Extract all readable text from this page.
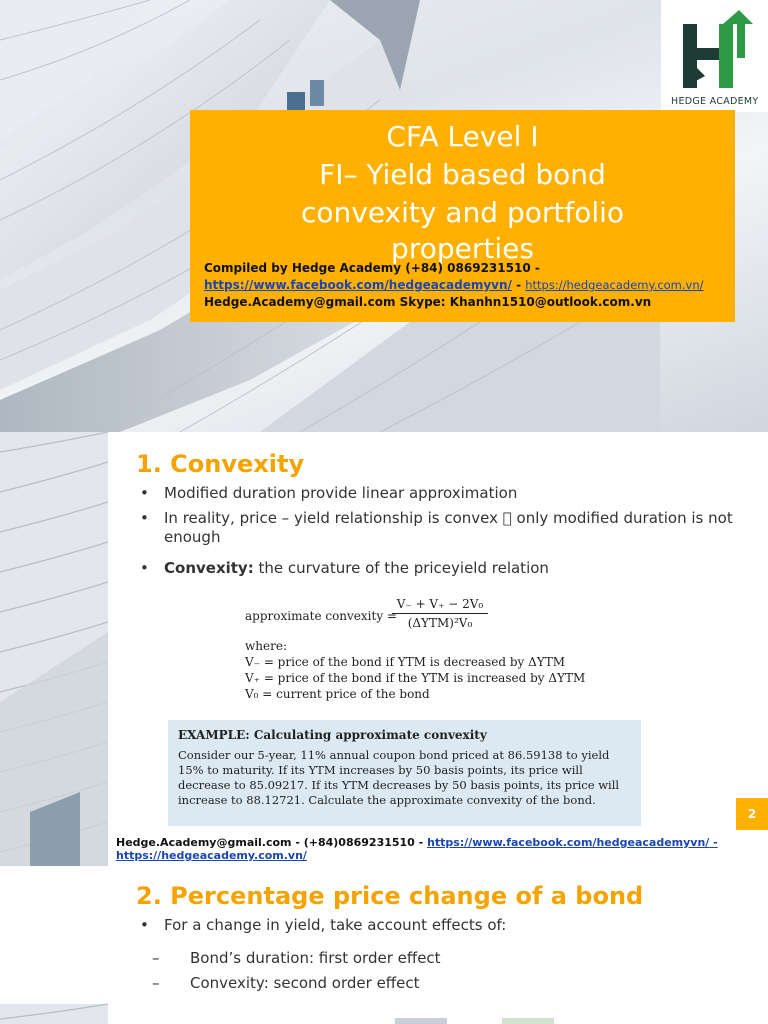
HEDGE ACADEMY
CFA Level I
FI– Yield based bond
convexity and portfolio
properties
Compiled by Hedge Academy (+84) 0869231510 -
https://www.facebook.com/hedgeacademyvn/ - https://hedgeacademy.com.vn/
Hedge.Academy@gmail.com Skype: Khanhn1510@outlook.com.vn
1. Convexity
• Modified duration provide linear approximation
• In reality, price – yield relationship is convex only modified duration is not enough
• Convexity: the curvature of the priceyield relation
approximate convexity =
V₋ + V₊ − 2V₀
(ΔYTM)²V₀
where:
V₋ = price of the bond if YTM is decreased by ΔYTM
V₊ = price of the bond if the YTM is increased by ΔYTM
V₀ = current price of the bond
EXAMPLE: Calculating approximate convexity
Consider our 5-year, 11% annual coupon bond priced at 86.59138 to yield 15% to maturity. If its YTM increases by 50 basis points, its price will decrease to 85.09217. If its YTM decreases by 50 basis points, its price will increase to 88.12721. Calculate the approximate convexity of the bond.
2
Hedge.Academy@gmail.com - (+84)0869231510 - https://www.facebook.com/hedgeacademyvn/ -
https://hedgeacademy.com.vn/
2. Percentage price change of a bond
• For a change in yield, take account effects of:
– Bond’s duration: first order effect
– Convexity: second order effect
